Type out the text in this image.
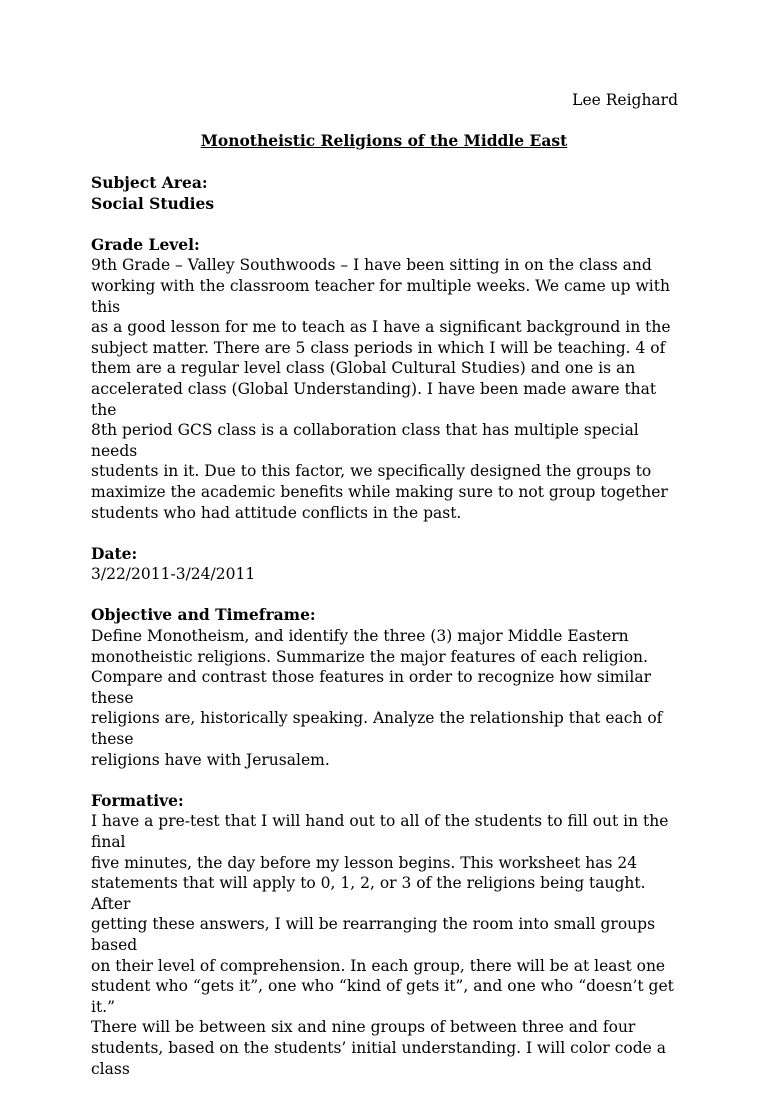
Lee Reighard
Monotheistic Religions of the Middle East

Subject Area:

Social Studies

Grade Level:

9th Grade – Valley Southwoods – I have been sitting in on the class and
working with the classroom teacher for multiple weeks. We came up with this
as a good lesson for me to teach as I have a significant background in the
subject matter. There are 5 class periods in which I will be teaching. 4 of
them are a regular level class (Global Cultural Studies) and one is an
accelerated class (Global Understanding). I have been made aware that the
8th period GCS class is a collaboration class that has multiple special needs
students in it. Due to this factor, we specifically designed the groups to
maximize the academic benefits while making sure to not group together
students who had attitude conflicts in the past.

Date:

3/22/2011-3/24/2011

Objective and Timeframe:

Define Monotheism, and identify the three (3) major Middle Eastern
monotheistic religions. Summarize the major features of each religion.
Compare and contrast those features in order to recognize how similar these
religions are, historically speaking. Analyze the relationship that each of these
religions have with Jerusalem.

Formative:

I have a pre-test that I will hand out to all of the students to fill out in the final
five minutes, the day before my lesson begins. This worksheet has 24
statements that will apply to 0, 1, 2, or 3 of the religions being taught. After
getting these answers, I will be rearranging the room into small groups based
on their level of comprehension. In each group, there will be at least one
student who “gets it”, one who “kind of gets it”, and one who “doesn’t get it.”
There will be between six and nine groups of between three and four
students, based on the students’ initial understanding. I will color code a class
